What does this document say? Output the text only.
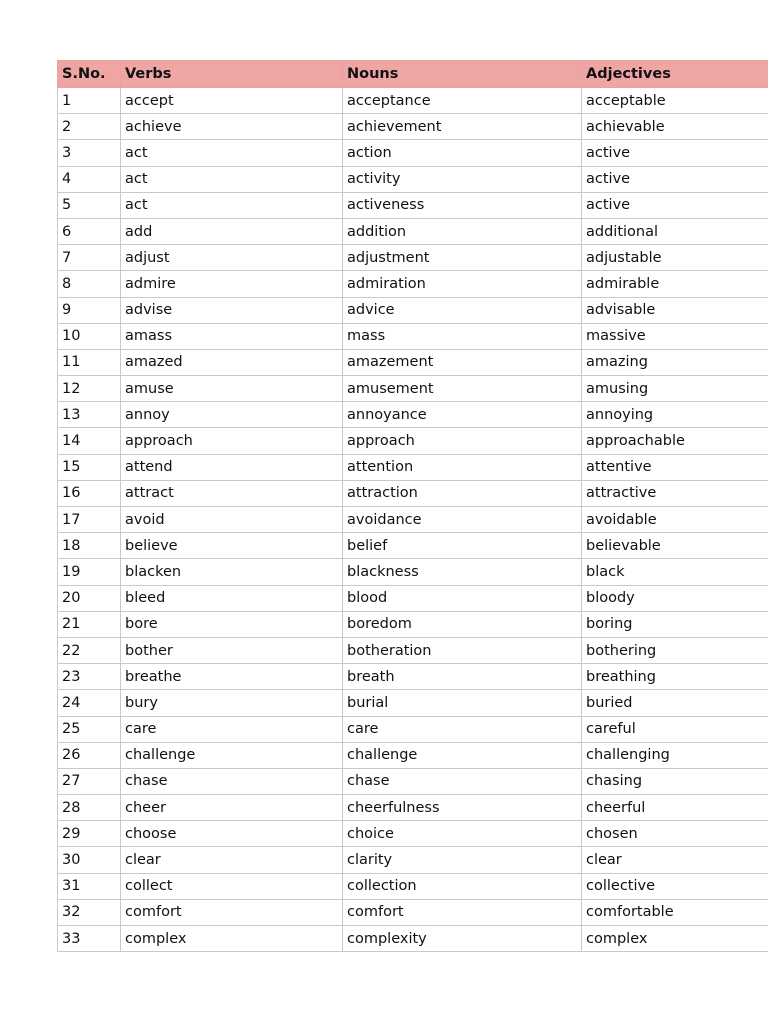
S.No.	Verbs	Nouns	Adjectives
1	accept	acceptance	acceptable
2	achieve	achievement	achievable
3	act	action	active
4	act	activity	active
5	act	activeness	active
6	add	addition	additional
7	adjust	adjustment	adjustable
8	admire	admiration	admirable
9	advise	advice	advisable
10	amass	mass	massive
11	amazed	amazement	amazing
12	amuse	amusement	amusing
13	annoy	annoyance	annoying
14	approach	approach	approachable
15	attend	attention	attentive
16	attract	attraction	attractive
17	avoid	avoidance	avoidable
18	believe	belief	believable
19	blacken	blackness	black
20	bleed	blood	bloody
21	bore	boredom	boring
22	bother	botheration	bothering
23	breathe	breath	breathing
24	bury	burial	buried
25	care	care	careful
26	challenge	challenge	challenging
27	chase	chase	chasing
28	cheer	cheerfulness	cheerful
29	choose	choice	chosen
30	clear	clarity	clear
31	collect	collection	collective
32	comfort	comfort	comfortable
33	complex	complexity	complex
